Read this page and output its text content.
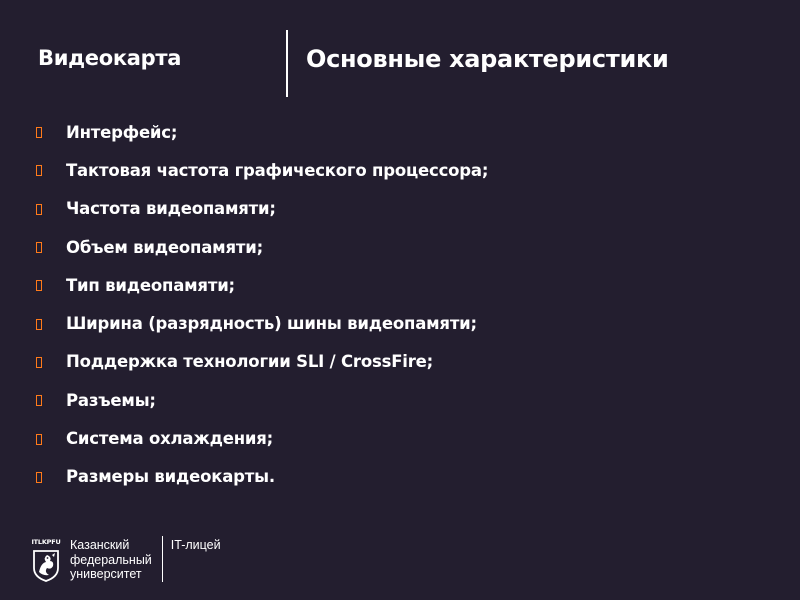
Видеокарта	Основные характеристики
Интерфейс;
Тактовая частота графического процессора;
Частота видеопамяти;
Объем видеопамяти;
Тип видеопамяти;
Ширина (разрядность) шины видеопамяти;
Поддержка технологии SLI / CrossFire;
Разъемы;
Система охлаждения;
Размеры видеокарты.
ITLKPFU Казанский
федеральный
университет
IT-лицей
